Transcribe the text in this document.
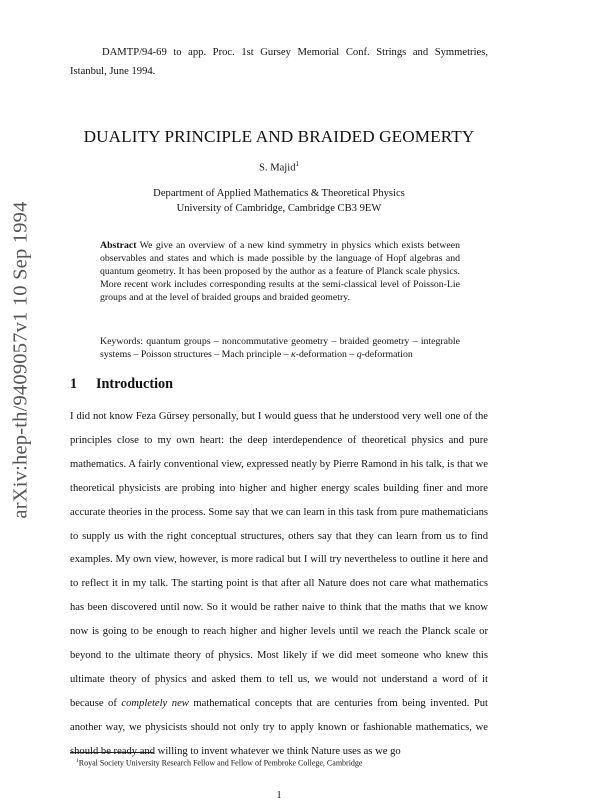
arXiv:hep-th/9409057v1 10 Sep 1994
DAMTP/94-69 to app. Proc. 1st Gursey Memorial Conf. Strings and Symmetries, Istanbul, June 1994.
DUALITY PRINCIPLE AND BRAIDED GEOMERTY
S. Majid$^1$
Department of Applied Mathematics & Theoretical Physics
University of Cambridge, Cambridge CB3 9EW
Abstract We give an overview of a new kind symmetry in physics which exists between observables and states and which is made possible by the language of Hopf algebras and quantum geometry. It has been proposed by the author as a feature of Planck scale physics. More recent work includes corresponding results at the semi-classical level of Poisson-Lie groups and at the level of braided groups and braided geometry.
Keywords: quantum groups – noncommutative geometry – braided geometry – integrable systems – Poisson structures – Mach principle – κ-deformation – q-deformation
1 Introduction
I did not know Feza Gürsey personally, but I would guess that he understood very well one of the principles close to my own heart: the deep interdependence of theoretical physics and pure mathematics. A fairly conventional view, expressed neatly by Pierre Ramond in his talk, is that we theoretical physicists are probing into higher and higher energy scales building finer and more accurate theories in the process. Some say that we can learn in this task from pure mathematicians to supply us with the right conceptual structures, others say that they can learn from us to find examples. My own view, however, is more radical but I will try nevertheless to outline it here and to reflect it in my talk. The starting point is that after all Nature does not care what mathematics has been discovered until now. So it would be rather naive to think that the maths that we know now is going to be enough to reach higher and higher levels until we reach the Planck scale or beyond to the ultimate theory of physics. Most likely if we did meet someone who knew this ultimate theory of physics and asked them to tell us, we would not understand a word of it because of completely new mathematical concepts that are centuries from being invented. Put another way, we physicists should not only try to apply known or fashionable mathematics, we should be ready and willing to invent whatever we think Nature uses as we go
$^1$Royal Society University Research Fellow and Fellow of Pembroke College, Cambridge
1
